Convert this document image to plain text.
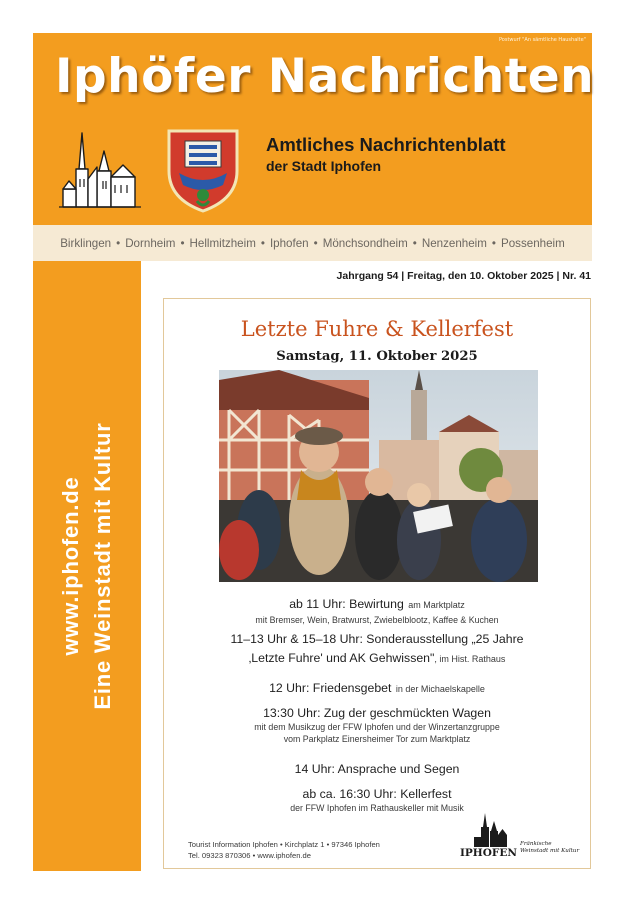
Postwurf "An sämtliche Haushalte"
Iphöfer Nachrichten
Amtliches Nachrichtenblatt
der Stadt Iphofen
Birklingen • Dornheim • Hellmitzheim • Iphofen • Mönchsondheim • Nenzenheim • Possenheim
www.iphofen.de Eine Weinstadt mit Kultur
Jahrgang 54 | Freitag, den 10. Oktober 2025 | Nr. 41
Letzte Fuhre & Kellerfest
Samstag, 11. Oktober 2025
ab 11 Uhr: Bewirtung am Marktplatz
mit Bremser, Wein, Bratwurst, Zwiebelblootz, Kaffee & Kuchen
11–13 Uhr & 15–18 Uhr: Sonderausstellung „25 Jahre
‚Letzte Fuhre' und AK Gehwissen", im Hist. Rathaus
12 Uhr: Friedensgebet in der Michaelskapelle
13:30 Uhr: Zug der geschmückten Wagen
mit dem Musikzug der FFW Iphofen und der Winzertanzgruppe
vom Parkplatz Einersheimer Tor zum Marktplatz
14 Uhr: Ansprache und Segen
ab ca. 16:30 Uhr: Kellerfest
der FFW Iphofen im Rathauskeller mit Musik
Tourist Information Iphofen • Kirchplatz 1 • 97346 Iphofen
Tel. 09323 870306 • www.iphofen.de	IPHOFEN
Fränkische
Weinstadt mit Kultur
